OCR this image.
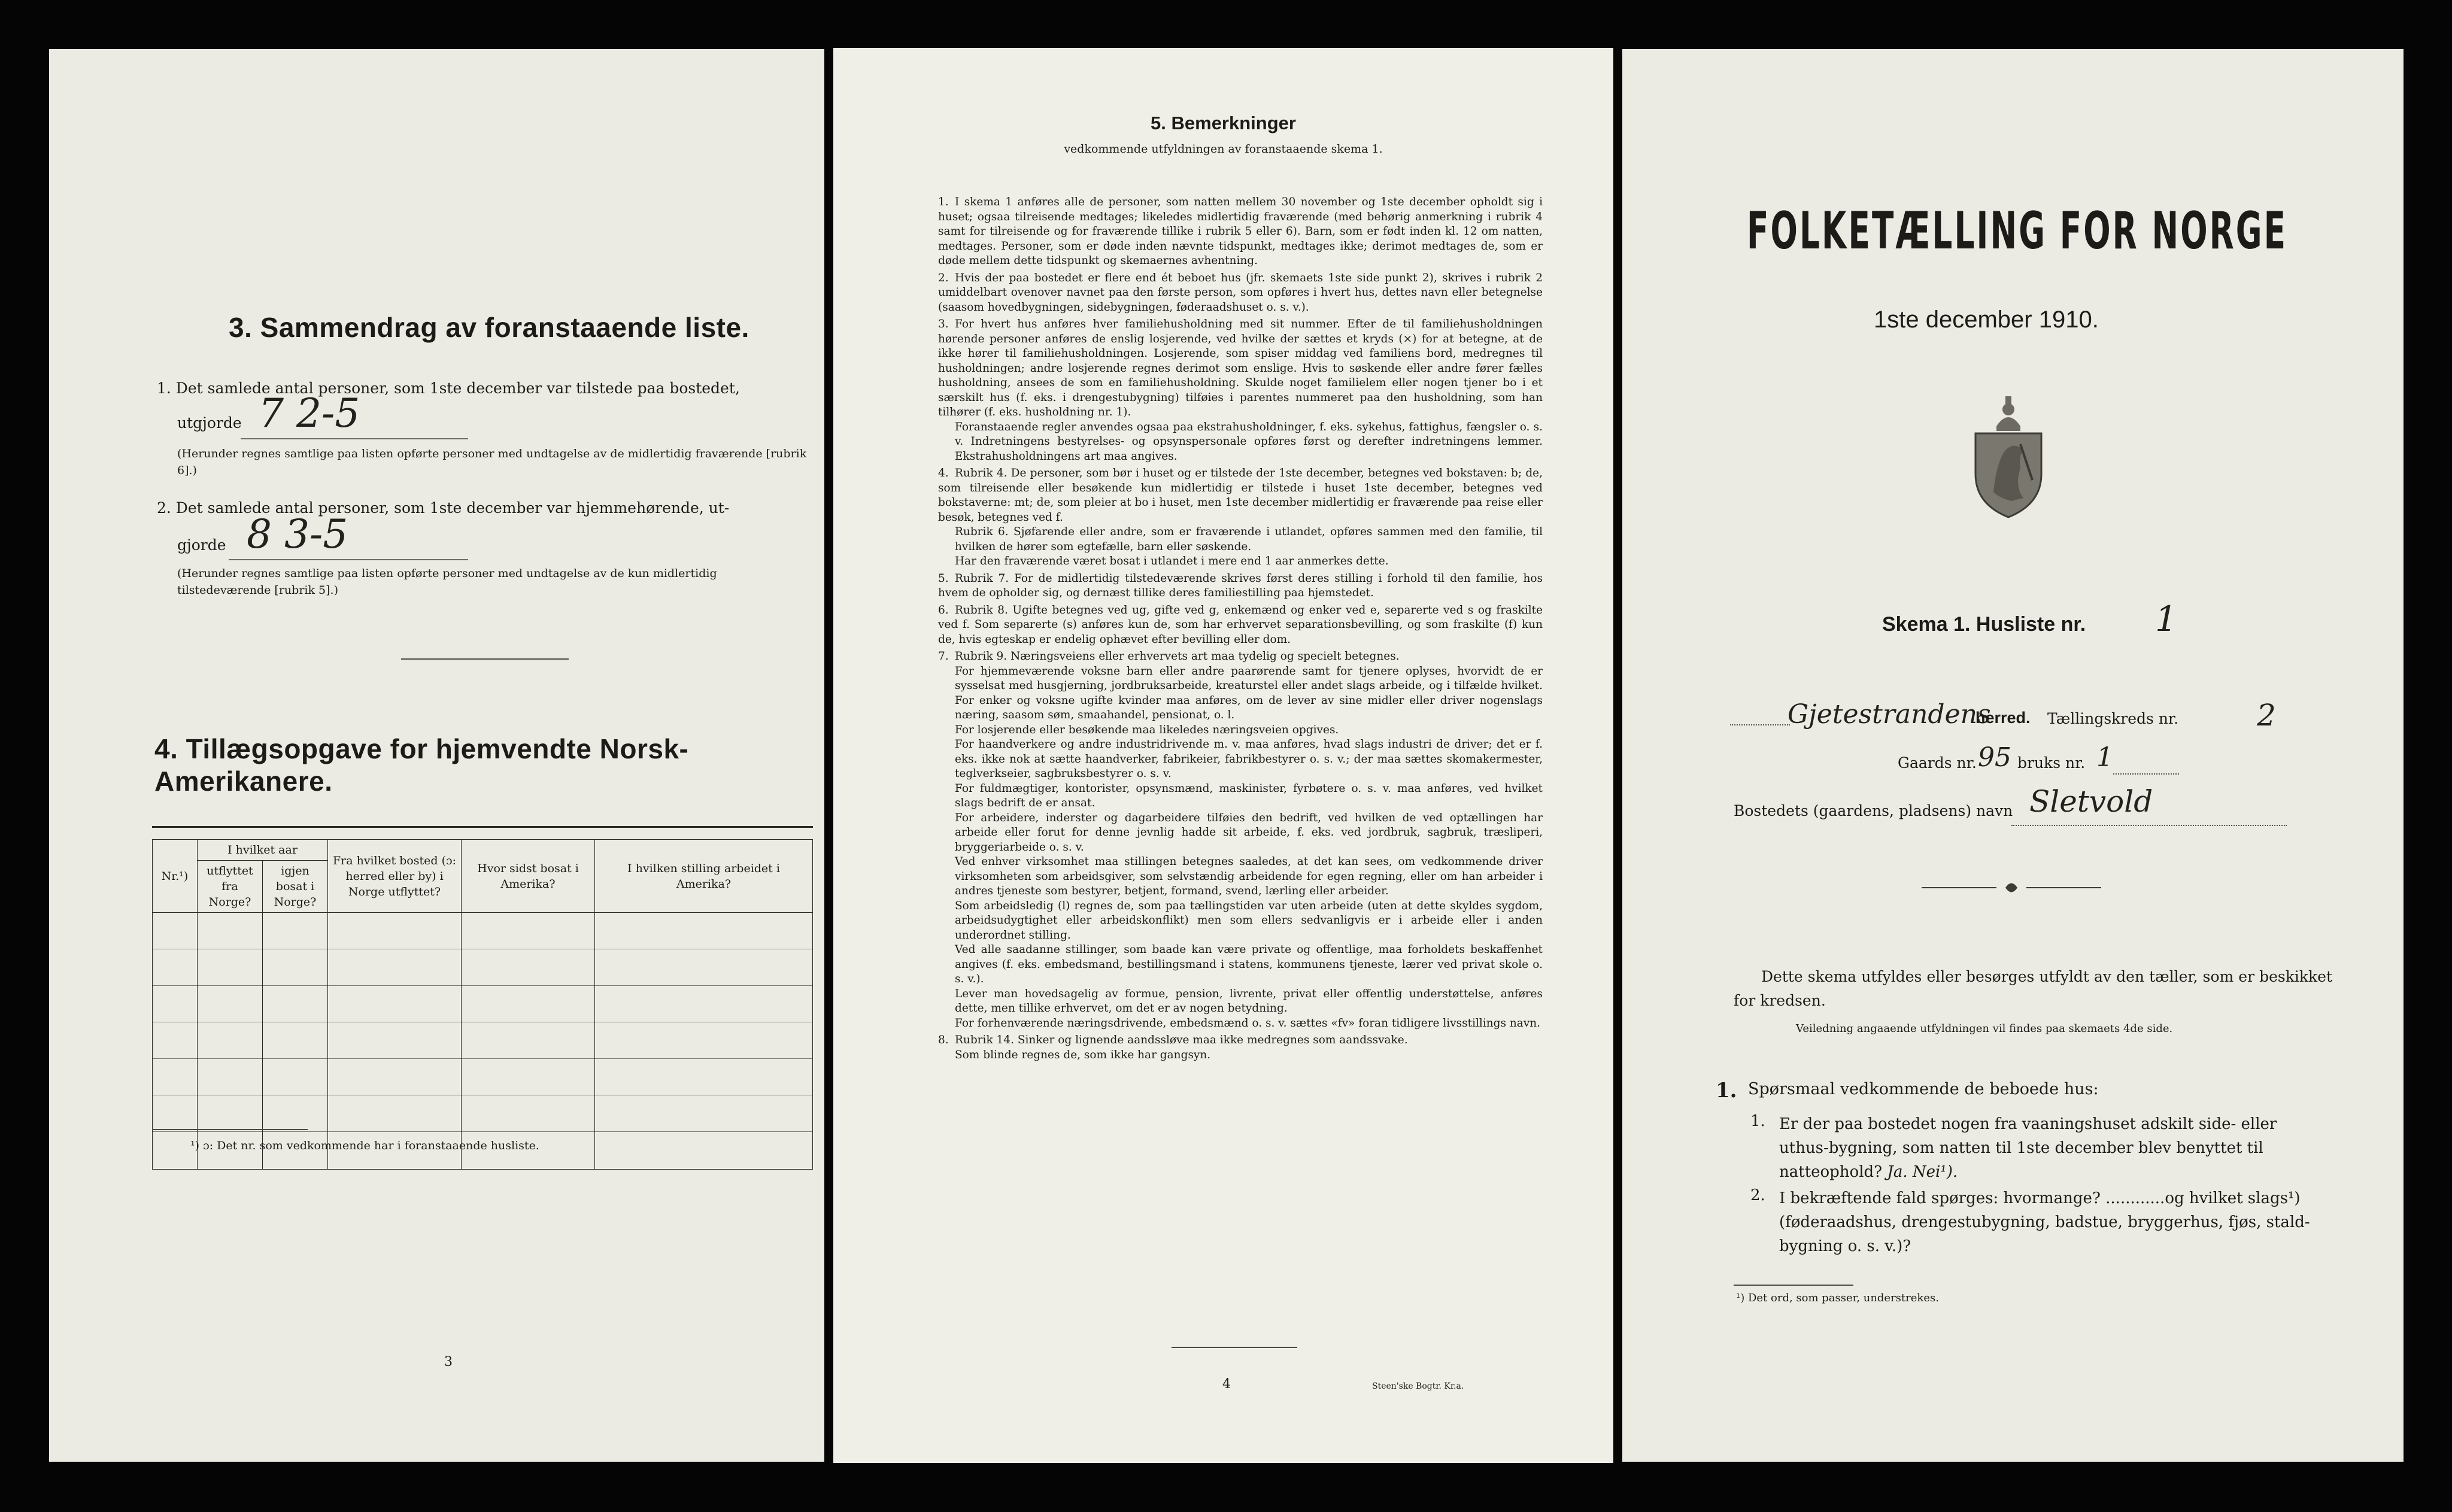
3. Sammendrag av foranstaaende liste.
1. Det samlede antal personer, som 1ste december var tilstede paa bostedet,
utgjorde 7 2-5
(Herunder regnes samtlige paa listen opførte personer med undtagelse av de midlertidig fraværende [rubrik 6].)
2. Det samlede antal personer, som 1ste december var hjemmehørende, ut-
gjorde 8 3-5
(Herunder regnes samtlige paa listen opførte personer med undtagelse av de kun midlertidig tilstedeværende [rubrik 5].)
4. Tillægsopgave for hjemvendte Norsk-Amerikanere.
Nr.¹)	I hvilket aar		Fra hvilket bosted (ɔ: herred eller by) i Norge utflyttet?	Hvor sidst bosat i Amerika?	I hvilken stilling arbeidet i Amerika?
	utflyttet fra Norge?	igjen bosat i Norge?			

¹) ɔ: Det nr. som vedkommende har i foranstaaende husliste.
3
5. Bemerkninger
vedkommende utfyldningen av foranstaaende skema 1.

1. I skema 1 anføres alle de personer, som natten mellem 30 november og 1ste december opholdt sig i huset; ogsaa tilreisende medtages; likeledes midlertidig fraværende (med behørig anmerkning i rubrik 4 samt for tilreisende og for fraværende tillike i rubrik 5 eller 6). Barn, som er født inden kl. 12 om natten, medtages. Personer, som er døde inden nævnte tidspunkt, medtages ikke; derimot medtages de, som er døde mellem dette tidspunkt og skemaernes avhentning.

2. Hvis der paa bostedet er flere end ét beboet hus (jfr. skemaets 1ste side punkt 2), skrives i rubrik 2 umiddelbart ovenover navnet paa den første person, som opføres i hvert hus, dettes navn eller betegnelse (saasom hovedbygningen, sidebygningen, føderaadshuset o. s. v.).

3. For hvert hus anføres hver familiehusholdning med sit nummer. Efter de til familiehusholdningen hørende personer anføres de enslig losjerende, ved hvilke der sættes et kryds (×) for at betegne, at de ikke hører til familiehusholdningen. Losjerende, som spiser middag ved familiens bord, medregnes til husholdningen; andre losjerende regnes derimot som enslige. Hvis to søskende eller andre fører fælles husholdning, ansees de som en familiehusholdning. Skulde noget familielem eller nogen tjener bo i et særskilt hus (f. eks. i drengestubygning) tilføies i parentes nummeret paa den husholdning, som han tilhører (f. eks. husholdning nr. 1).

Foranstaaende regler anvendes ogsaa paa ekstrahusholdninger, f. eks. sykehus, fattighus, fængsler o. s. v. Indretningens bestyrelses- og opsynspersonale opføres først og derefter indretningens lemmer. Ekstrahusholdningens art maa angives.

4. Rubrik 4. De personer, som bør i huset og er tilstede der 1ste december, betegnes ved bokstaven: b; de, som tilreisende eller besøkende kun midlertidig er tilstede i huset 1ste december, betegnes ved bokstaverne: mt; de, som pleier at bo i huset, men 1ste december midlertidig er fraværende paa reise eller besøk, betegnes ved f.

Rubrik 6. Sjøfarende eller andre, som er fraværende i utlandet, opføres sammen med den familie, til hvilken de hører som egtefælle, barn eller søskende.

Har den fraværende været bosat i utlandet i mere end 1 aar anmerkes dette.

5. Rubrik 7. For de midlertidig tilstedeværende skrives først deres stilling i forhold til den familie, hos hvem de opholder sig, og dernæst tillike deres familiestilling paa hjemstedet.

6. Rubrik 8. Ugifte betegnes ved ug, gifte ved g, enkemænd og enker ved e, separerte ved s og fraskilte ved f. Som separerte (s) anføres kun de, som har erhvervet separationsbevilling, og som fraskilte (f) kun de, hvis egteskap er endelig ophævet efter bevilling eller dom.

7. Rubrik 9. Næringsveiens eller erhvervets art maa tydelig og specielt betegnes.

For hjemmeværende voksne barn eller andre paarørende samt for tjenere oplyses, hvorvidt de er sysselsat med husgjerning, jordbruksarbeide, kreaturstel eller andet slags arbeide, og i tilfælde hvilket. For enker og voksne ugifte kvinder maa anføres, om de lever av sine midler eller driver nogenslags næring, saasom søm, smaahandel, pensionat, o. l.

For losjerende eller besøkende maa likeledes næringsveien opgives.

For haandverkere og andre industridrivende m. v. maa anføres, hvad slags industri de driver; det er f. eks. ikke nok at sætte haandverker, fabrikeier, fabrikbestyrer o. s. v.; der maa sættes skomakermester, teglverkseier, sagbruksbestyrer o. s. v.

For fuldmægtiger, kontorister, opsynsmænd, maskinister, fyrbøtere o. s. v. maa anføres, ved hvilket slags bedrift de er ansat.

For arbeidere, inderster og dagarbeidere tilføies den bedrift, ved hvilken de ved optællingen har arbeide eller forut for denne jevnlig hadde sit arbeide, f. eks. ved jordbruk, sagbruk, træsliperi, bryggeriarbeide o. s. v.

Ved enhver virksomhet maa stillingen betegnes saaledes, at det kan sees, om vedkommende driver virksomheten som arbeidsgiver, som selvstændig arbeidende for egen regning, eller om han arbeider i andres tjeneste som bestyrer, betjent, formand, svend, lærling eller arbeider.

Som arbeidsledig (l) regnes de, som paa tællingstiden var uten arbeide (uten at dette skyldes sygdom, arbeidsudygtighet eller arbeidskonflikt) men som ellers sedvanligvis er i arbeide eller i anden underordnet stilling.

Ved alle saadanne stillinger, som baade kan være private og offentlige, maa forholdets beskaffenhet angives (f. eks. embedsmand, bestillingsmand i statens, kommunens tjeneste, lærer ved privat skole o. s. v.).

Lever man hovedsagelig av formue, pension, livrente, privat eller offentlig understøttelse, anføres dette, men tillike erhvervet, om det er av nogen betydning.

For forhenværende næringsdrivende, embedsmænd o. s. v. sættes «fv» foran tidligere livsstillings navn.

8. Rubrik 14. Sinker og lignende aandssløve maa ikke medregnes som aandssvake.

Som blinde regnes de, som ikke har gangsyn.

4	Steen'ske Bogtr. Kr.a.
FOLKETÆLLING FOR NORGE
1ste december 1910.
Skema 1. Husliste nr. 1
Gjetestrandens
herred. Tællingskreds nr.	2
Gaards nr. 95 bruks nr. 1
Bostedets (gaardens, pladsens) navn Sletvold
Dette skema utfyldes eller besørges utfyldt av den tæller, som er beskikket for kredsen.
Veiledning angaaende utfyldningen vil findes paa skemaets 4de side.
1. Spørsmaal vedkommende de beboede hus:
1. Er der paa bostedet nogen fra vaaningshuset adskilt side- eller uthus-bygning, som natten til 1ste december blev benyttet til natteophold? Ja. Nei¹).
2. I bekræftende fald spørges: hvormange? ............og hvilket slags¹) (føderaadshus, drengestubygning, badstue, bryggerhus, fjøs, stald-bygning o. s. v.)?
¹) Det ord, som passer, understrekes.
